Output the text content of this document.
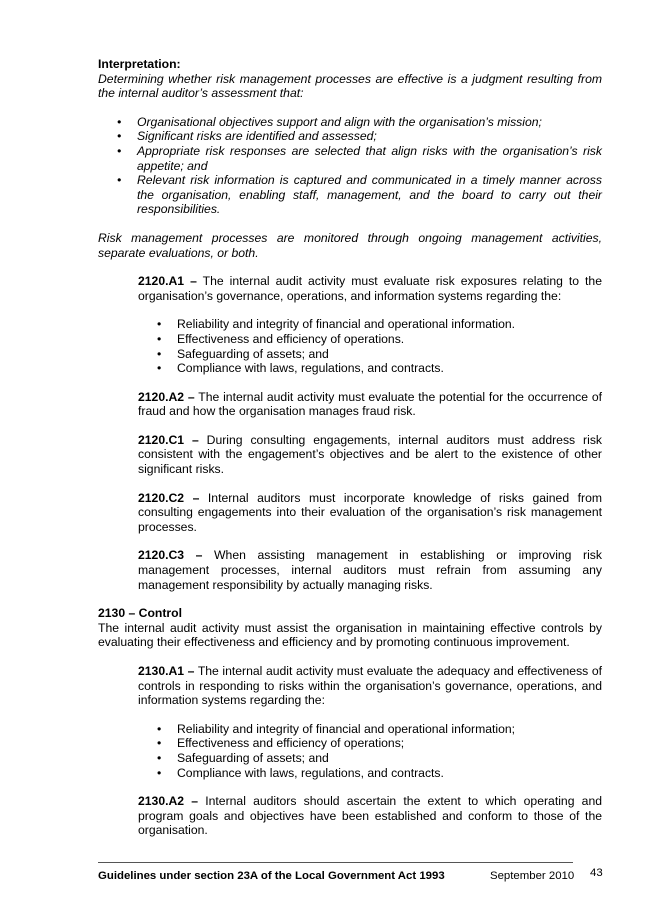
Interpretation:

Determining whether risk management processes are effective is a judgment resulting from the internal auditor’s assessment that:

• Organisational objectives support and align with the organisation’s mission;
• Significant risks are identified and assessed;
• Appropriate risk responses are selected that align risks with the organisation’s risk appetite; and
• Relevant risk information is captured and communicated in a timely manner across the organisation, enabling staff, management, and the board to carry out their responsibilities.

Risk management processes are monitored through ongoing management activities, separate evaluations, or both.

2120.A1 – The internal audit activity must evaluate risk exposures relating to the organisation’s governance, operations, and information systems regarding the:

• Reliability and integrity of financial and operational information.
• Effectiveness and efficiency of operations.
• Safeguarding of assets; and
• Compliance with laws, regulations, and contracts.

2120.A2 – The internal audit activity must evaluate the potential for the occurrence of fraud and how the organisation manages fraud risk.

2120.C1 – During consulting engagements, internal auditors must address risk consistent with the engagement’s objectives and be alert to the existence of other significant risks.

2120.C2 – Internal auditors must incorporate knowledge of risks gained from consulting engagements into their evaluation of the organisation’s risk management processes.

2120.C3 – When assisting management in establishing or improving risk management processes, internal auditors must refrain from assuming any management responsibility by actually managing risks.

2130 – Control

The internal audit activity must assist the organisation in maintaining effective controls by evaluating their effectiveness and efficiency and by promoting continuous improvement.

2130.A1 – The internal audit activity must evaluate the adequacy and effectiveness of controls in responding to risks within the organisation’s governance, operations, and information systems regarding the:

• Reliability and integrity of financial and operational information;
• Effectiveness and efficiency of operations;
• Safeguarding of assets; and
• Compliance with laws, regulations, and contracts.

2130.A2 – Internal auditors should ascertain the extent to which operating and program goals and objectives have been established and conform to those of the organisation.

Guidelines under section 23A of the Local Government Act 1993	September 2010 43
